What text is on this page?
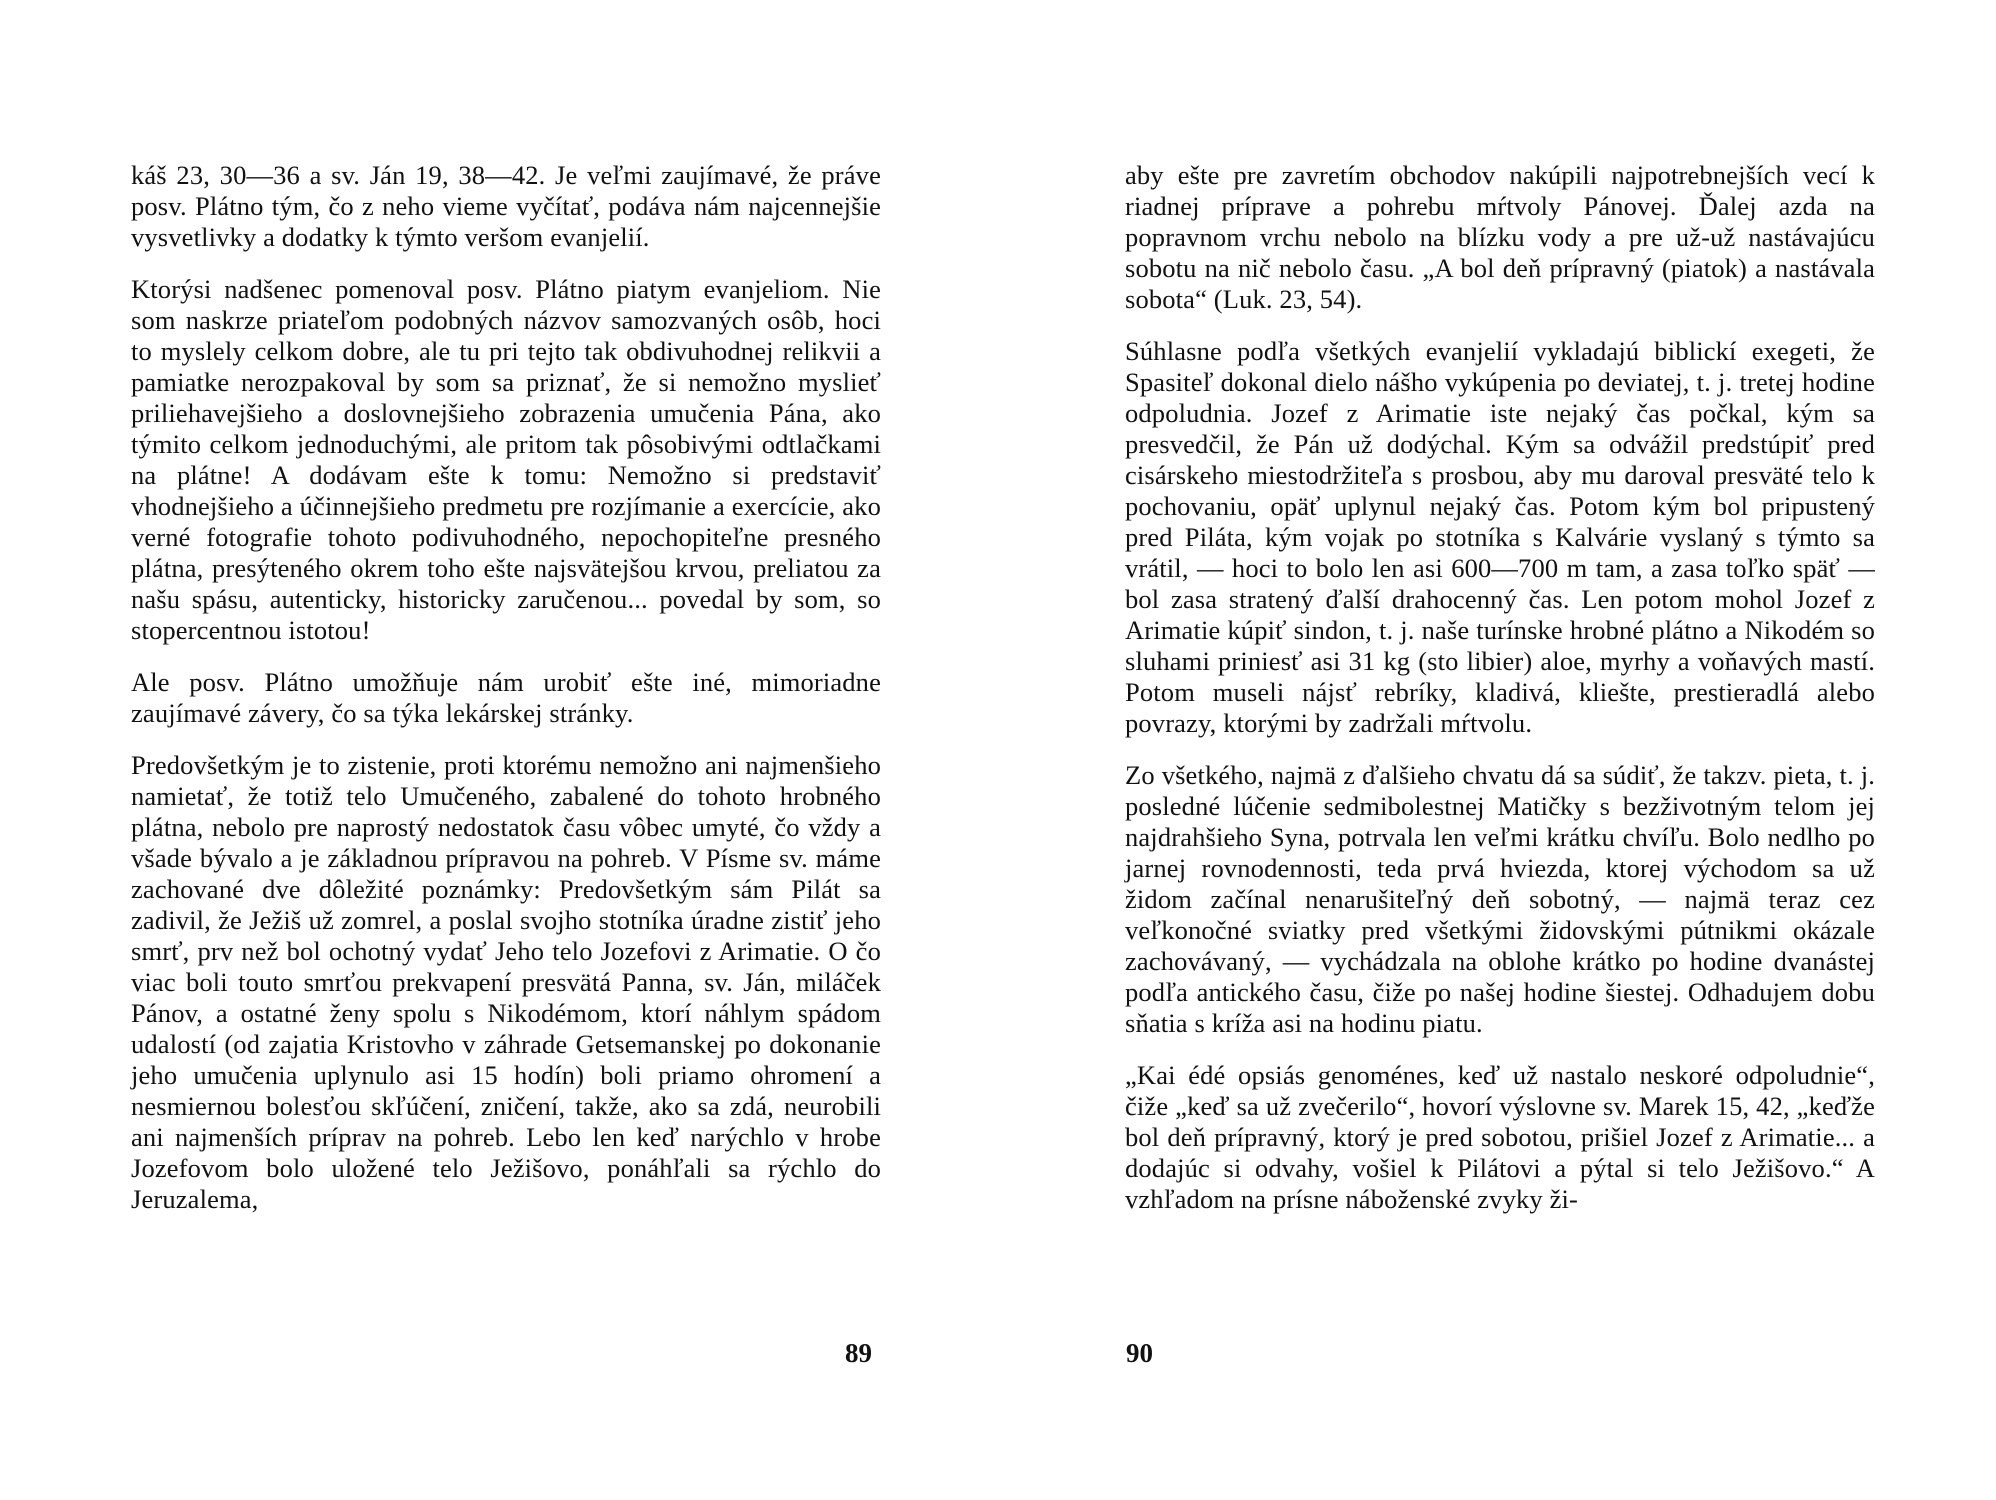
káš 23, 30—36 a sv. Ján 19, 38—42. Je veľmi zaujímavé, že práve posv. Plátno tým, čo z neho vieme vyčítať, podáva nám najcennejšie vysvetlivky a dodatky k týmto veršom evanjelií.

Ktorýsi nadšenec pomenoval posv. Plátno piatym evanjeliom. Nie som naskrze priateľom podobných názvov samozvaných osôb, hoci to myslely celkom dobre, ale tu pri tejto tak obdivuhodnej relikvii a pamiatke nerozpakoval by som sa priznať, že si nemožno myslieť priliehavejšieho a doslovnejšieho zobrazenia umučenia Pána, ako týmito celkom jednoduchými, ale pritom tak pôsobivými odtlačkami na plátne! A dodávam ešte k tomu: Nemožno si predstaviť vhodnejšieho a účinnejšieho predmetu pre rozjímanie a exercície, ako verné fotografie tohoto podivuhodného, nepochopiteľne presného plátna, presýteného okrem toho ešte najsvätejšou krvou, preliatou za našu spásu, autenticky, historicky zaručenou... povedal by som, so stopercentnou istotou!

Ale posv. Plátno umožňuje nám urobiť ešte iné, mimoriadne zaujímavé závery, čo sa týka lekárskej stránky.

Predovšetkým je to zistenie, proti ktorému nemožno ani najmenšieho namietať, že totiž telo Umučeného, zabalené do tohoto hrobného plátna, nebolo pre naprostý nedostatok času vôbec umyté, čo vždy a všade bývalo a je základnou prípravou na pohreb. V Písme sv. máme zachované dve dôležité poznámky: Predovšetkým sám Pilát sa zadivil, že Ježiš už zomrel, a poslal svojho stotníka úradne zistiť jeho smrť, prv než bol ochotný vydať Jeho telo Jozefovi z Arimatie. O čo viac boli touto smrťou prekvapení presvätá Panna, sv. Ján, miláček Pánov, a ostatné ženy spolu s Nikodémom, ktorí náhlym spádom udalostí (od zajatia Kristovho v záhrade Getsemanskej po dokonanie jeho umučenia uplynulo asi 15 hodín) boli priamo ohromení a nesmiernou bolesťou skľúčení, zničení, takže, ako sa zdá, neurobili ani najmenších príprav na pohreb. Lebo len keď narýchlo v hrobe Jozefovom bolo uložené telo Ježišovo, ponáhľali sa rýchlo do Jeruzalema,

89

aby ešte pre zavretím obchodov nakúpili najpotrebnejších vecí k riadnej príprave a pohrebu mŕtvoly Pánovej. Ďalej azda na popravnom vrchu nebolo na blízku vody a pre už-už nastávajúcu sobotu na nič nebolo času. „A bol deň prípravný (piatok) a nastávala sobota“ (Luk. 23, 54).

Súhlasne podľa všetkých evanjelií vykladajú biblickí exegeti, že Spasiteľ dokonal dielo nášho vykúpenia po deviatej, t. j. tretej hodine odpoludnia. Jozef z Arimatie iste nejaký čas počkal, kým sa presvedčil, že Pán už dodýchal. Kým sa odvážil predstúpiť pred cisárskeho miestodržiteľa s prosbou, aby mu daroval presväté telo k pochovaniu, opäť uplynul nejaký čas. Potom kým bol pripustený pred Piláta, kým vojak po stotníka s Kalvárie vyslaný s týmto sa vrátil, — hoci to bolo len asi 600—700 m tam, a zasa toľko späť — bol zasa stratený ďalší drahocenný čas. Len potom mohol Jozef z Arimatie kúpiť sindon, t. j. naše turínske hrobné plátno a Nikodém so sluhami priniesť asi 31 kg (sto libier) aloe, myrhy a voňavých mastí. Potom museli nájsť rebríky, kladivá, kliešte, prestieradlá alebo povrazy, ktorými by zadržali mŕtvolu.

Zo všetkého, najmä z ďalšieho chvatu dá sa súdiť, že takzv. pieta, t. j. posledné lúčenie sedmibolestnej Matičky s bezživotným telom jej najdrahšieho Syna, potrvala len veľmi krátku chvíľu. Bolo nedlho po jarnej rovnodennosti, teda prvá hviezda, ktorej východom sa už židom začínal nenarušiteľný deň sobotný, — najmä teraz cez veľkonočné sviatky pred všetkými židovskými pútnikmi okázale zachovávaný, — vychádzala na oblohe krátko po hodine dvanástej podľa antického času, čiže po našej hodine šiestej. Odhadujem dobu sňatia s kríža asi na hodinu piatu.

„Kai édé opsiás genoménes, keď už nastalo neskoré odpoludnie“, čiže „keď sa už zvečerilo“, hovorí výslovne sv. Marek 15, 42, „keďže bol deň prípravný, ktorý je pred sobotou, prišiel Jozef z Arimatie... a dodajúc si odvahy, vošiel k Pilátovi a pýtal si telo Ježišovo.“ A vzhľadom na prísne náboženské zvyky ži-

90
